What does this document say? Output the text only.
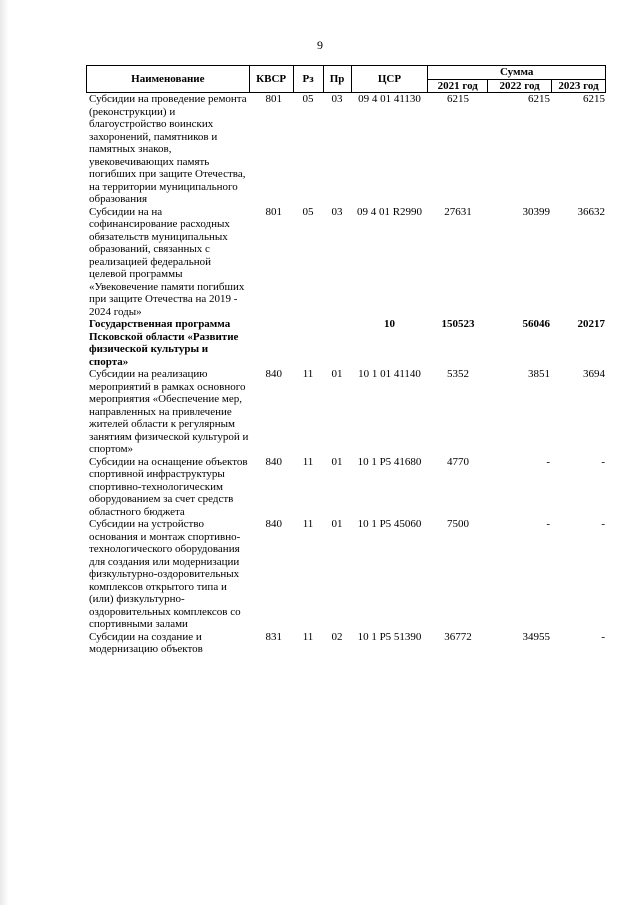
9
Наименование	КВСР	Рз	Пр	ЦСР	Сумма		
					2021 год	2022 год	2023 год
Субсидии на проведение ремонта (реконструкции) и благоустройство воинских захоронений, памятников и памятных знаков, увековечивающих память погибших при защите Отечества, на территории муниципального образования	801	05	03	09 4 01 41130	6215	6215	6215
Субсидии на на софинансирование расходных обязательств муниципальных образований, связанных с реализацией федеральной целевой программы «Увековечение памяти погибших при защите Отечества на 2019 - 2024 годы»	801	05	03	09 4 01 R2990	27631	30399	36632
Государственная программа Псковской области «Развитие физической культуры и спорта»				10	150523	56046	20217
Субсидии на реализацию мероприятий в рамках основного мероприятия «Обеспечение мер, направленных на привлечение жителей области к регулярным занятиям физической культурой и спортом»	840	11	01	10 1 01 41140	5352	3851	3694
Субсидии на оснащение объектов спортивной инфраструктуры спортивно-технологическим оборудованием за счет средств областного бюджета	840	11	01	10 1 P5 41680	4770	-	-
Субсидии на устройство основания и монтаж спортивно-технологического оборудования для создания или модернизации физкультурно-оздоровительных комплексов открытого типа и (или) физкультурно-оздоровительных комплексов со спортивными залами	840	11	01	10 1 P5 45060	7500	-	-
Субсидии на создание и модернизацию объектов	831	11	02	10 1 P5 51390	36772	34955	-
